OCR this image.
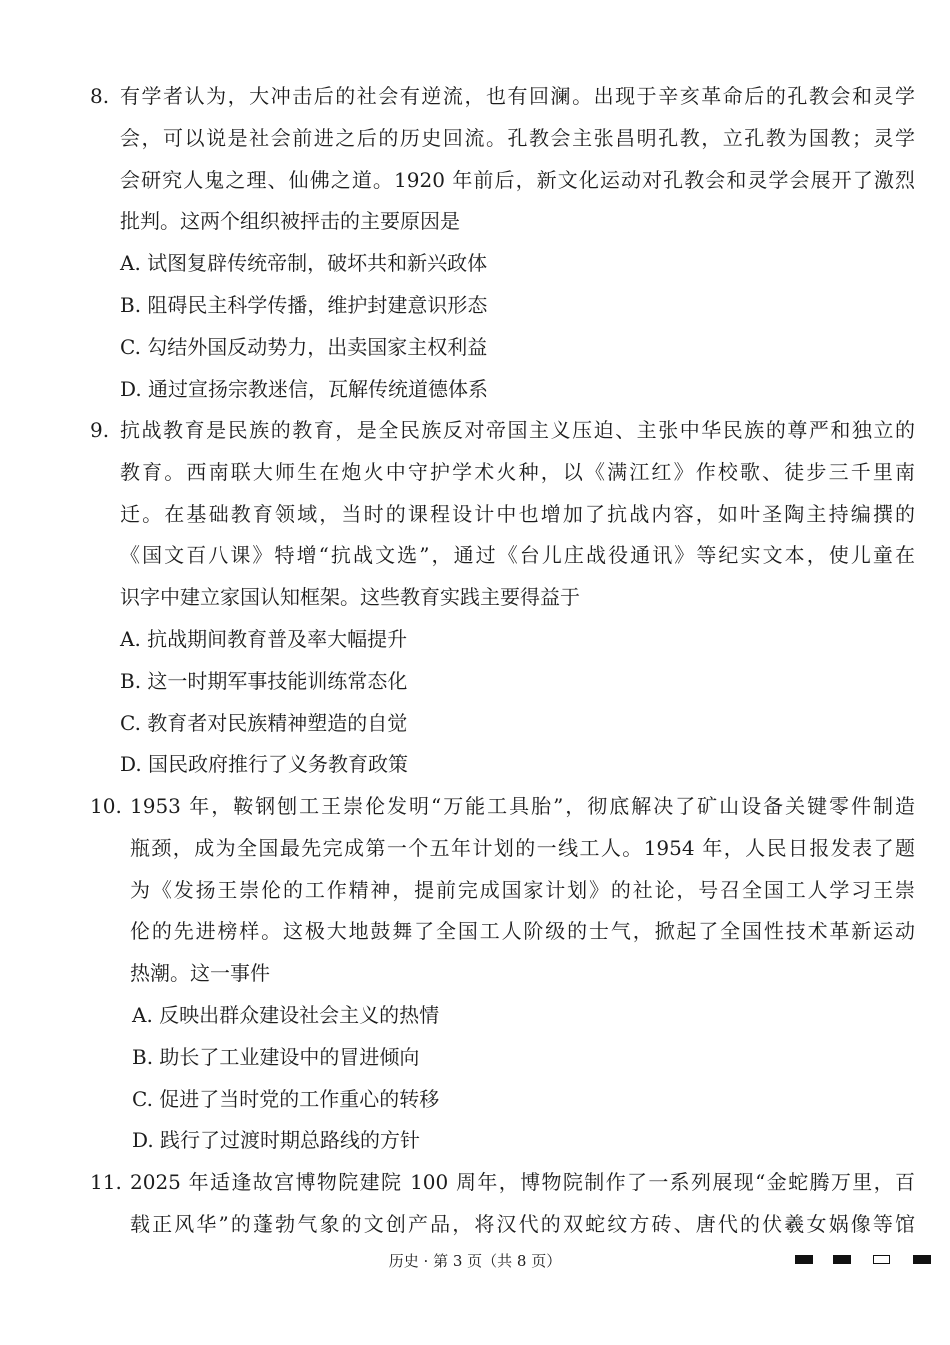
8. 有学者认为，大冲击后的社会有逆流，也有回澜。出现于辛亥革命后的孔教会和灵学
会，可以说是社会前进之后的历史回流。孔教会主张昌明孔教，立孔教为国教；灵学
会研究人鬼之理、仙佛之道。1920 年前后，新文化运动对孔教会和灵学会展开了激烈
批判。这两个组织被抨击的主要原因是
A. 试图复辟传统帝制，破坏共和新兴政体
B. 阻碍民主科学传播，维护封建意识形态
C. 勾结外国反动势力，出卖国家主权利益
D. 通过宣扬宗教迷信，瓦解传统道德体系
9. 抗战教育是民族的教育，是全民族反对帝国主义压迫、主张中华民族的尊严和独立的
教育。西南联大师生在炮火中守护学术火种，以《满江红》作校歌、徒步三千里南
迁。在基础教育领域，当时的课程设计中也增加了抗战内容，如叶圣陶主持编撰的
《国文百八课》特增“抗战文选”，通过《台儿庄战役通讯》等纪实文本，使儿童在
识字中建立家国认知框架。这些教育实践主要得益于
A. 抗战期间教育普及率大幅提升
B. 这一时期军事技能训练常态化
C. 教育者对民族精神塑造的自觉
D. 国民政府推行了义务教育政策
10. 1953 年，鞍钢刨工王崇伦发明“万能工具胎”，彻底解决了矿山设备关键零件制造
瓶颈，成为全国最先完成第一个五年计划的一线工人。1954 年，人民日报发表了题
为《发扬王崇伦的工作精神，提前完成国家计划》的社论，号召全国工人学习王崇
伦的先进榜样。这极大地鼓舞了全国工人阶级的士气，掀起了全国性技术革新运动
热潮。这一事件
A. 反映出群众建设社会主义的热情
B. 助长了工业建设中的冒进倾向
C. 促进了当时党的工作重心的转移
D. 践行了过渡时期总路线的方针
11. 2025 年适逢故宫博物院建院 100 周年，博物院制作了一系列展现“金蛇腾万里，百
载正风华”的蓬勃气象的文创产品，将汉代的双蛇纹方砖、唐代的伏羲女娲像等馆
历史 · 第 3 页（共 8 页）
